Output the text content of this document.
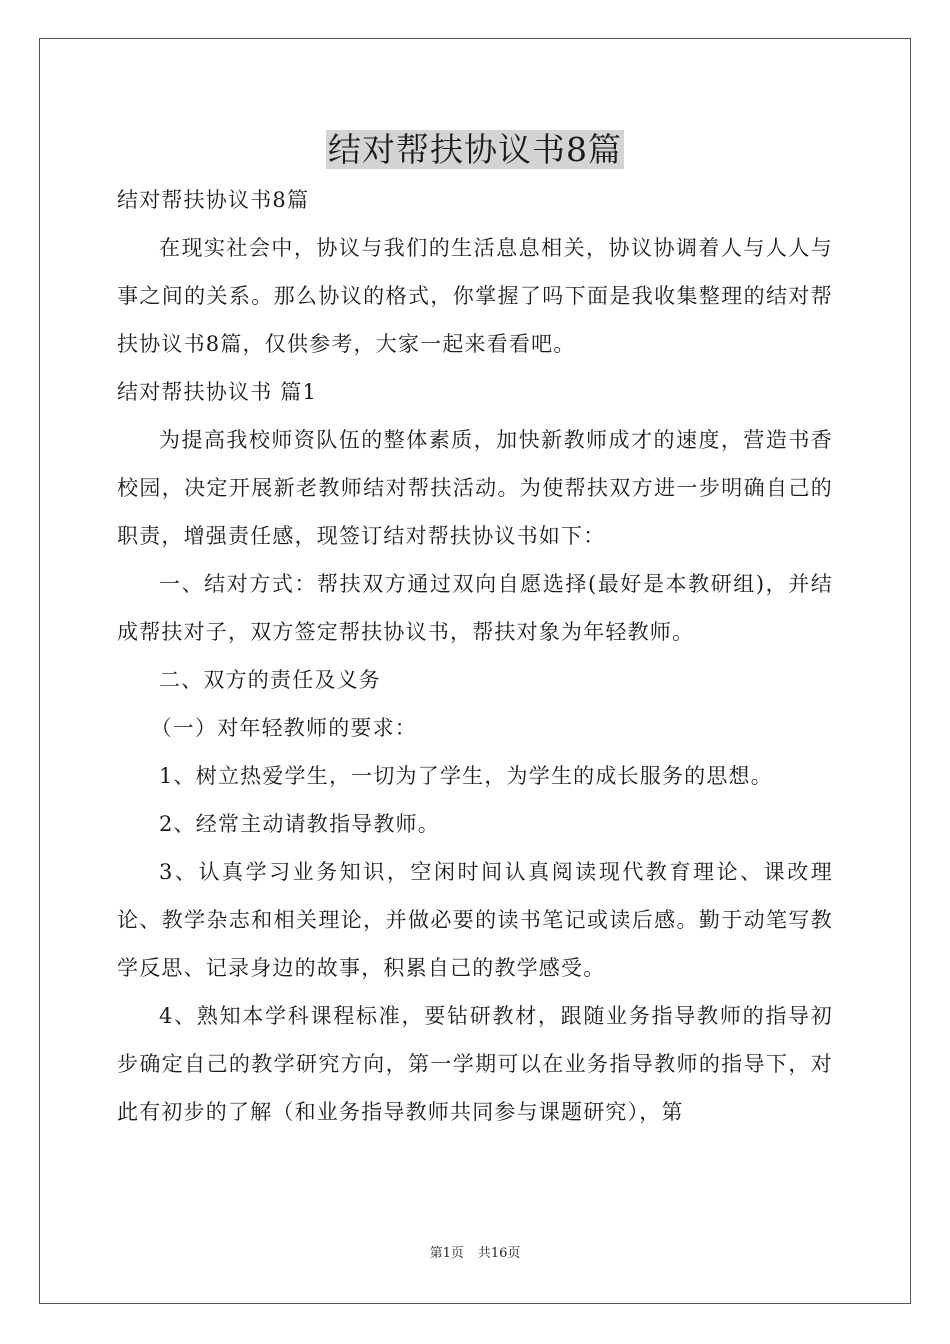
结对帮扶协议书8篇

结对帮扶协议书8篇

在现实社会中，协议与我们的生活息息相关，协议协调着人与人人与事之间的关系。那么协议的格式，你掌握了吗下面是我收集整理的结对帮扶协议书8篇，仅供参考，大家一起来看看吧。

结对帮扶协议书 篇1

为提高我校师资队伍的整体素质，加快新教师成才的速度，营造书香校园，决定开展新老教师结对帮扶活动。为使帮扶双方进一步明确自己的职责，增强责任感，现签订结对帮扶协议书如下：

一、结对方式：帮扶双方通过双向自愿选择(最好是本教研组)，并结成帮扶对子，双方签定帮扶协议书，帮扶对象为年轻教师。

二、双方的责任及义务

（一）对年轻教师的要求：

1、树立热爱学生，一切为了学生，为学生的成长服务的思想。

2、经常主动请教指导教师。

3、认真学习业务知识，空闲时间认真阅读现代教育理论、课改理论、教学杂志和相关理论，并做必要的读书笔记或读后感。勤于动笔写教学反思、记录身边的故事，积累自己的教学感受。

4、熟知本学科课程标准，要钻研教材，跟随业务指导教师的指导初步确定自己的教学研究方向，第一学期可以在业务指导教师的指导下，对此有初步的了解（和业务指导教师共同参与课题研究），第

第1页 共16页
